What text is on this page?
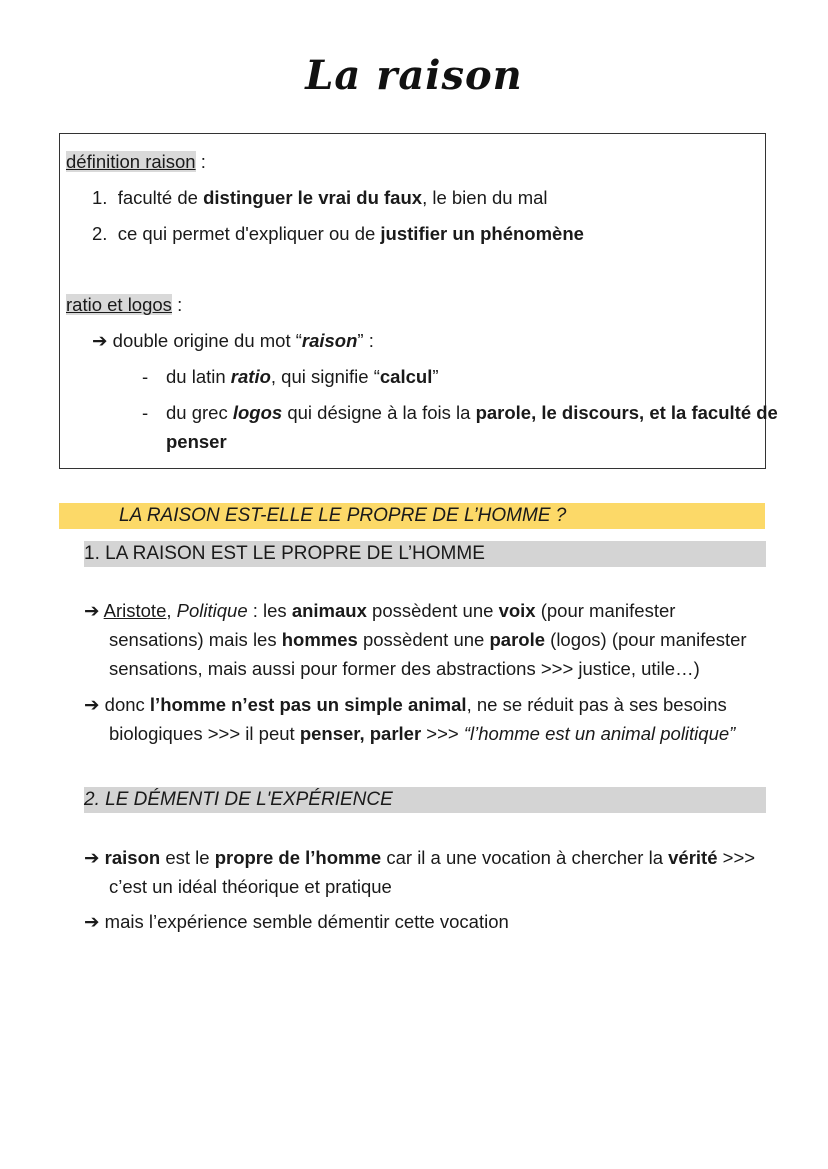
La raison
définition raison :
1. faculté de distinguer le vrai du faux, le bien du mal
2. ce qui permet d'expliquer ou de justifier un phénomène
ratio et logos :
➔ double origine du mot “raison” :
- du latin ratio, qui signifie “calcul”
- du grec logos qui désigne à la fois la parole, le discours, et la faculté de
penser
LA RAISON EST-ELLE LE PROPRE DE L’HOMME ?
1. LA RAISON EST LE PROPRE DE L’HOMME
➔ Aristote, Politique : les animaux possèdent une voix (pour manifester
sensations) mais les hommes possèdent une parole (logos) (pour manifester
sensations, mais aussi pour former des abstractions >>> justice, utile…)
➔ donc l’homme n’est pas un simple animal, ne se réduit pas à ses besoins
biologiques >>> il peut penser, parler >>> “l’homme est un animal politique”
2. LE DÉMENTI DE L'EXPÉRIENCE
➔ raison est le propre de l’homme car il a une vocation à chercher la vérité >>>
c’est un idéal théorique et pratique
➔ mais l’expérience semble démentir cette vocation
